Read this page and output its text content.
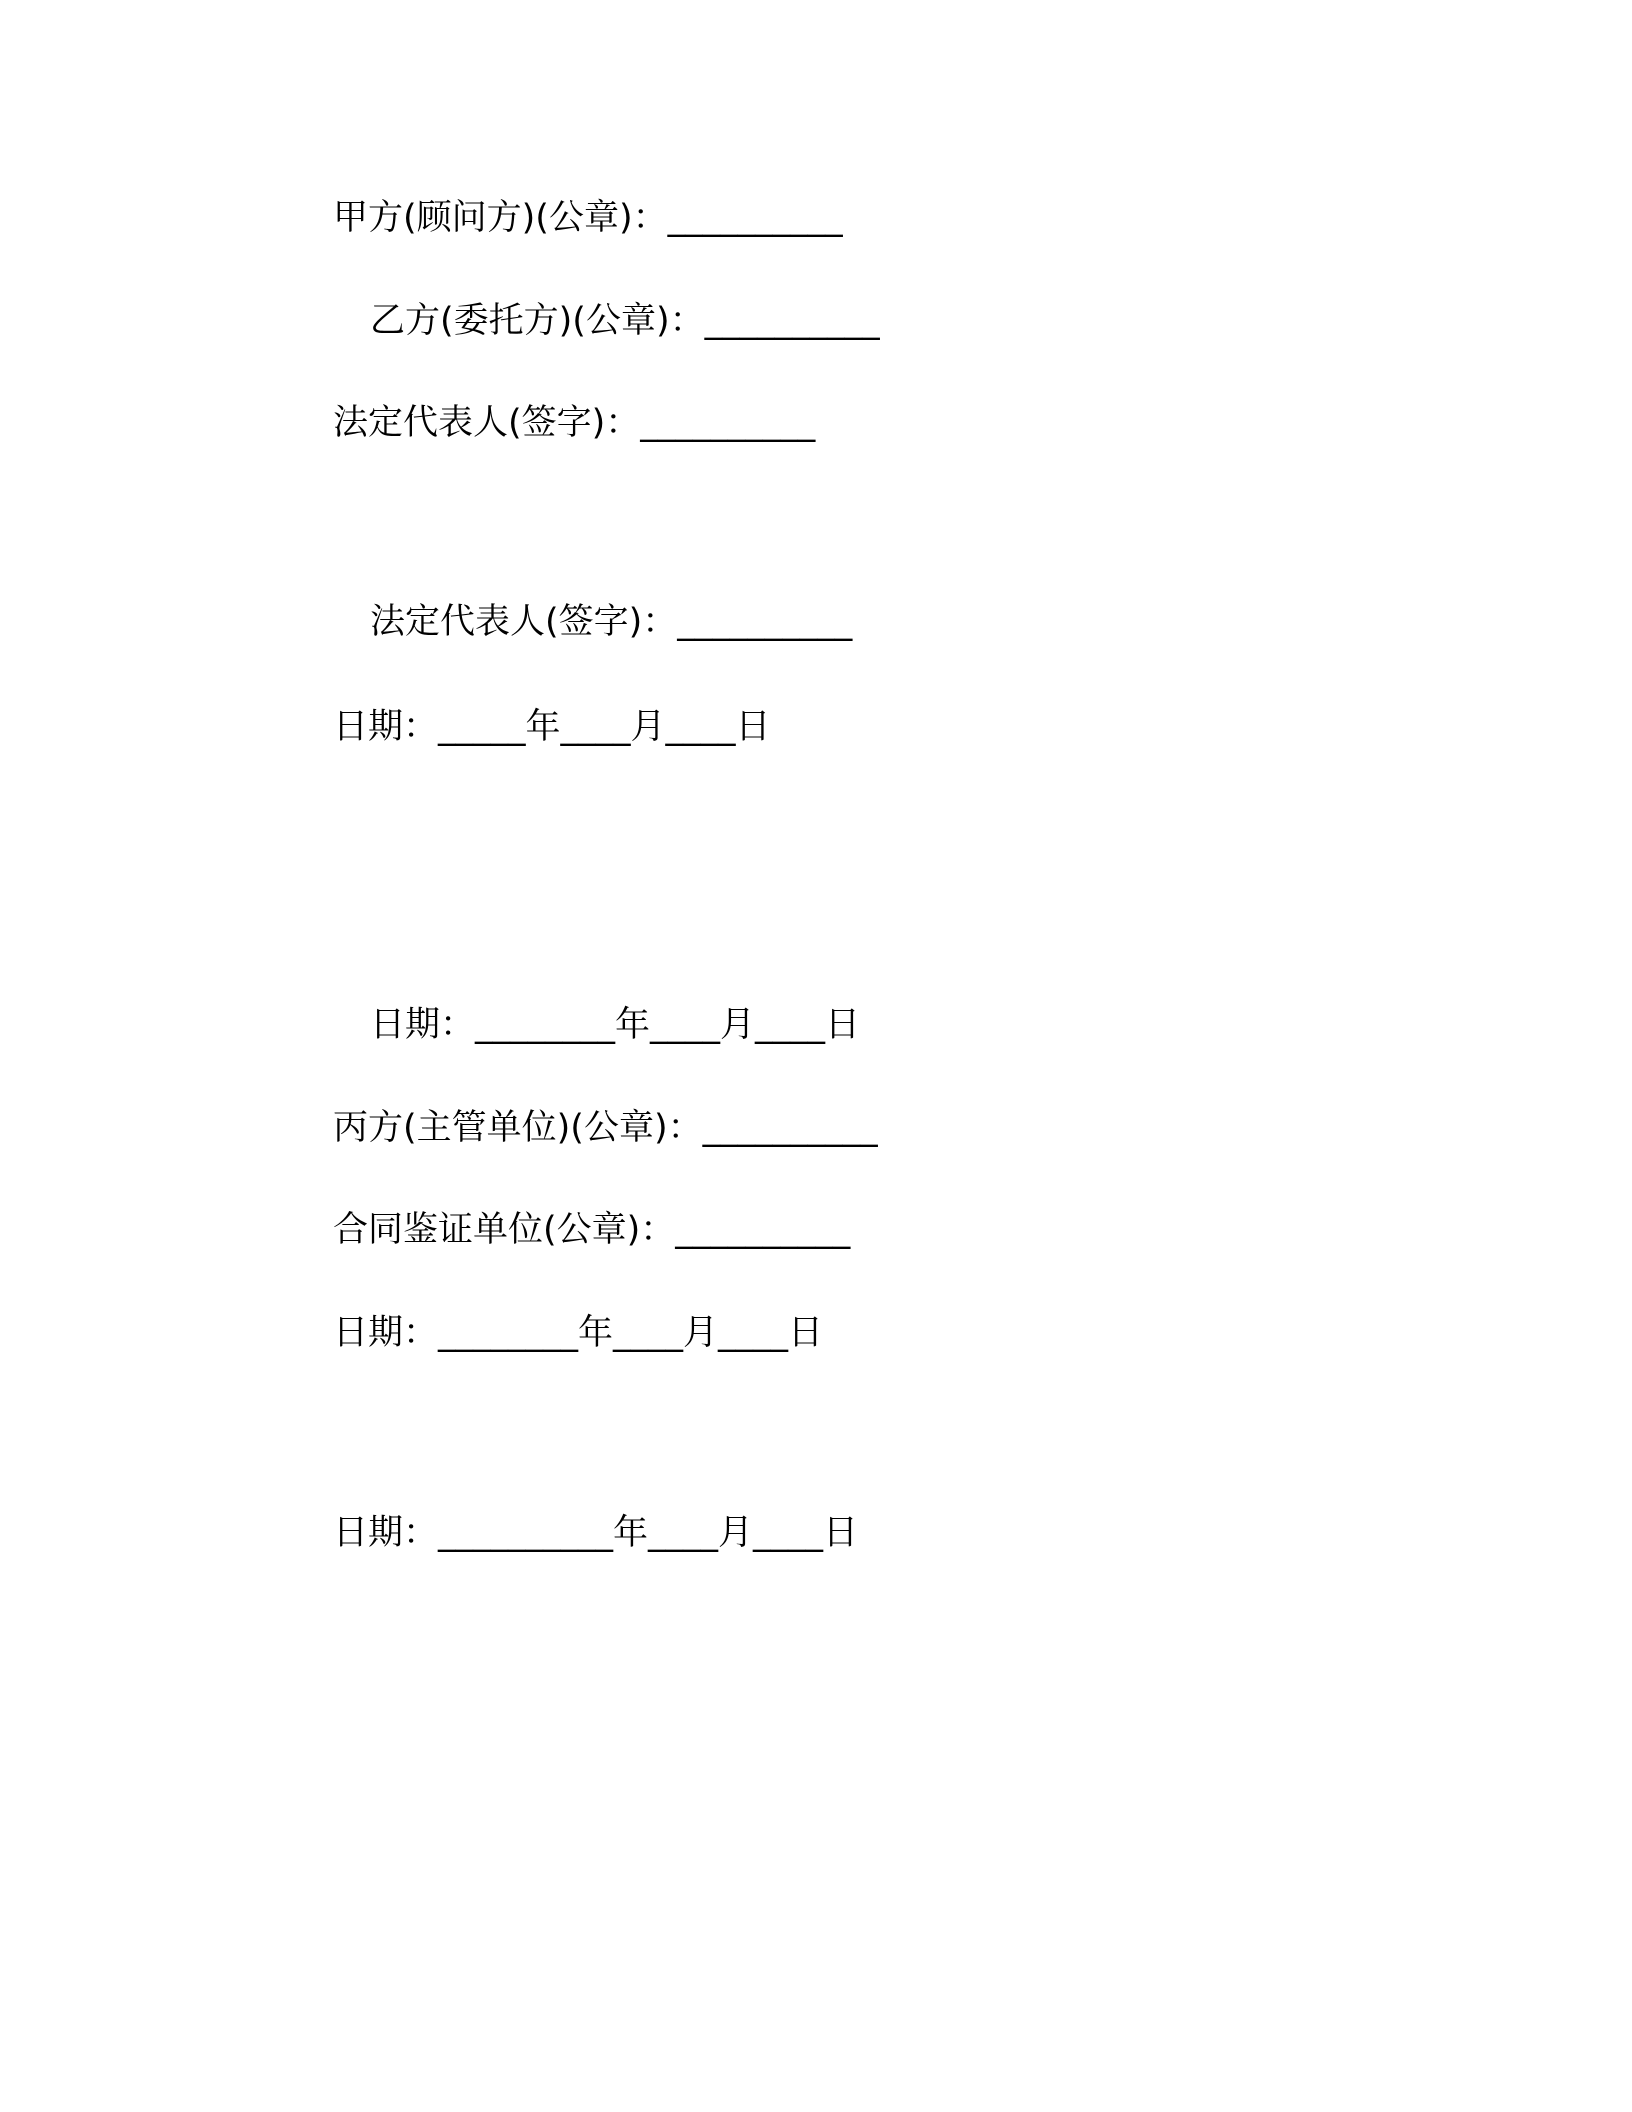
甲方(顾问方)(公章)：__________
乙方(委托方)(公章)：__________
法定代表人(签字)：__________
法定代表人(签字)：__________
日期：_____年____月____日
日期：________年____月____日
丙方(主管单位)(公章)：__________
合同鉴证单位(公章)：__________
日期：________年____月____日
日期：__________年____月____日
